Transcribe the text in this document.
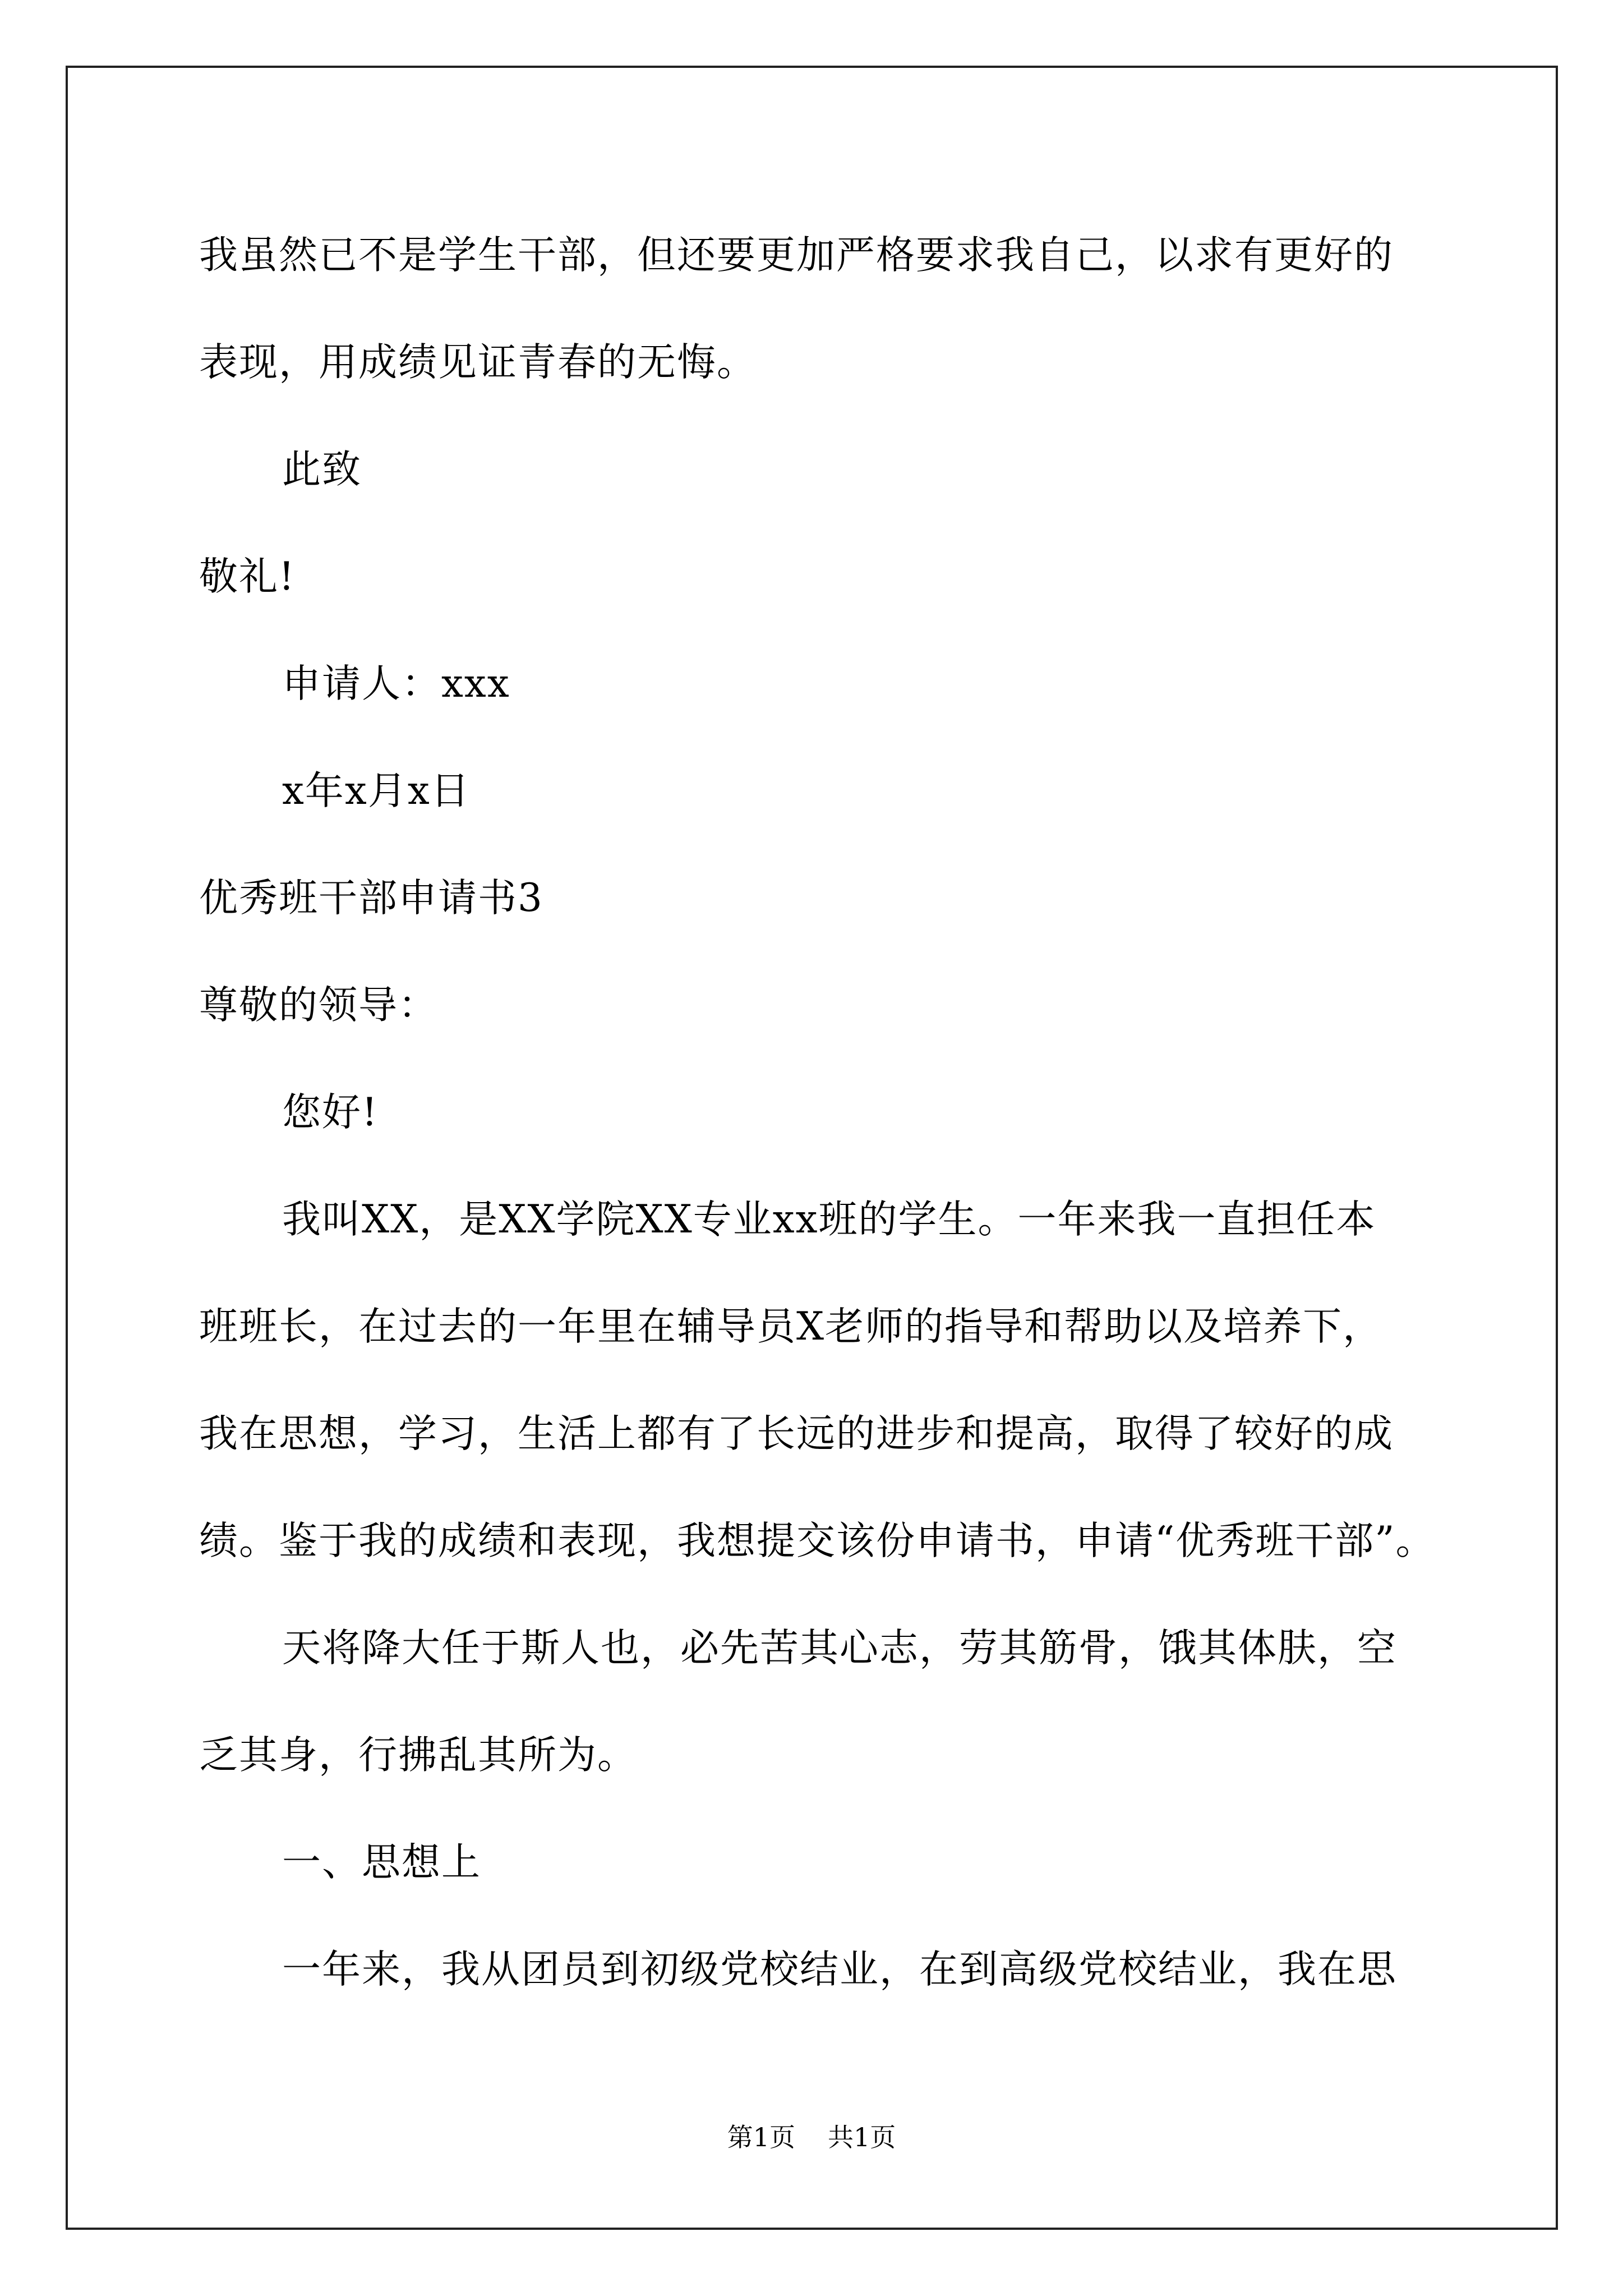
我虽然已不是学生干部，但还要更加严格要求我自己，以求有更好的
表现，用成绩见证青春的无悔。
此致
敬礼!
申请人：xxx
x年x月x日
优秀班干部申请书3
尊敬的领导：
您好!
我叫XX，是XX学院XX专业xx班的学生。一年来我一直担任本
班班长，在过去的一年里在辅导员X老师的指导和帮助以及培养下，
我在思想，学习，生活上都有了长远的进步和提高，取得了较好的成
绩。鉴于我的成绩和表现，我想提交该份申请书，申请“优秀班干部”。
天将降大任于斯人也，必先苦其心志，劳其筋骨，饿其体肤，空
乏其身，行拂乱其所为。
一、思想上
一年来，我从团员到初级党校结业，在到高级党校结业，我在思
第1页 共1页
